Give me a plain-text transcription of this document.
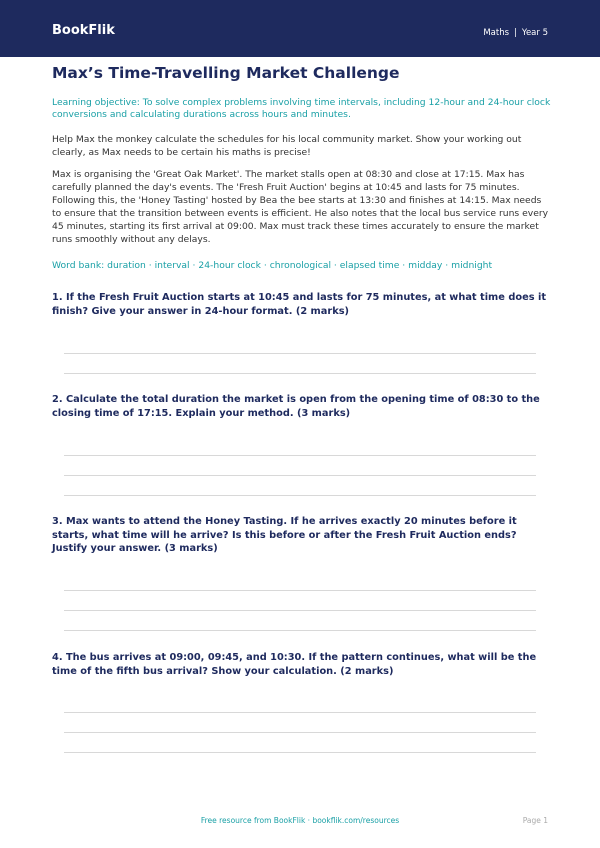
BookFlik	Maths | Year 5
Max’s Time-Travelling Market Challenge

Learning objective: To solve complex problems involving time intervals, including 12-hour and 24-hour clock conversions and calculating durations across hours and minutes.

Help Max the monkey calculate the schedules for his local community market. Show your working out clearly, as Max needs to be certain his maths is precise!

Max is organising the 'Great Oak Market'. The market stalls open at 08:30 and close at 17:15. Max has carefully planned the day's events. The 'Fresh Fruit Auction' begins at 10:45 and lasts for 75 minutes. Following this, the 'Honey Tasting' hosted by Bea the bee starts at 13:30 and finishes at 14:15. Max needs to ensure that the transition between events is efficient. He also notes that the local bus service runs every 45 minutes, starting its first arrival at 09:00. Max must track these times accurately to ensure the market runs smoothly without any delays.

Word bank: duration · interval · 24-hour clock · chronological · elapsed time · midday · midnight

1. If the Fresh Fruit Auction starts at 10:45 and lasts for 75 minutes, at what time does it finish? Give your answer in 24-hour format. (2 marks)

2. Calculate the total duration the market is open from the opening time of 08:30 to the closing time of 17:15. Explain your method. (3 marks)

3. Max wants to attend the Honey Tasting. If he arrives exactly 20 minutes before it starts, what time will he arrive? Is this before or after the Fresh Fruit Auction ends? Justify your answer. (3 marks)

4. The bus arrives at 09:00, 09:45, and 10:30. If the pattern continues, what will be the time of the fifth bus arrival? Show your calculation. (2 marks)

Free resource from BookFlik · bookflik.com/resources	Page 1
